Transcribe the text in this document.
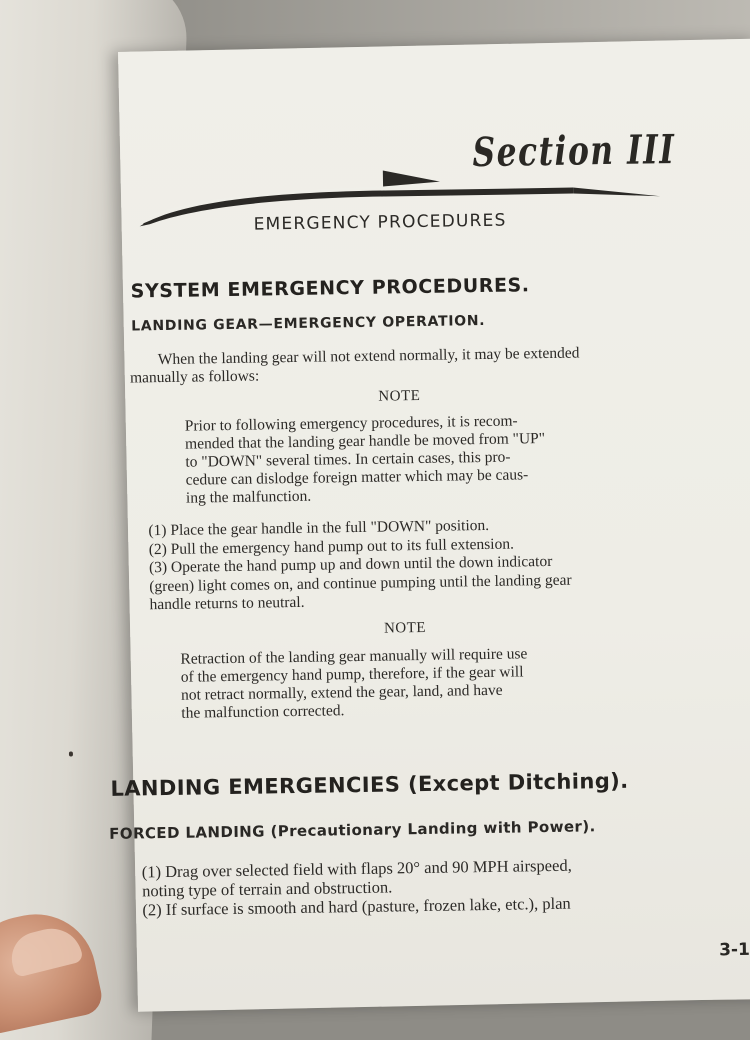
Section III
EMERGENCY PROCEDURES
SYSTEM EMERGENCY PROCEDURES.
LANDING GEAR—EMERGENCY OPERATION.
When the landing gear will not extend normally, it may be extended
manually as follows:
NOTE
Prior to following emergency procedures, it is recom-
mended that the landing gear handle be moved from "UP"
to "DOWN" several times. In certain cases, this pro-
cedure can dislodge foreign matter which may be caus-
ing the malfunction.
(1) Place the gear handle in the full "DOWN" position.
(2) Pull the emergency hand pump out to its full extension.
(3) Operate the hand pump up and down until the down indicator
(green) light comes on, and continue pumping until the landing gear
handle returns to neutral.
NOTE
Retraction of the landing gear manually will require use
of the emergency hand pump, therefore, if the gear will
not retract normally, extend the gear, land, and have
the malfunction corrected.
LANDING EMERGENCIES (Except Ditching).
FORCED LANDING (Precautionary Landing with Power).
(1) Drag over selected field with flaps 20° and 90 MPH airspeed,
noting type of terrain and obstruction.
(2) If surface is smooth and hard (pasture, frozen lake, etc.), plan
3-1
